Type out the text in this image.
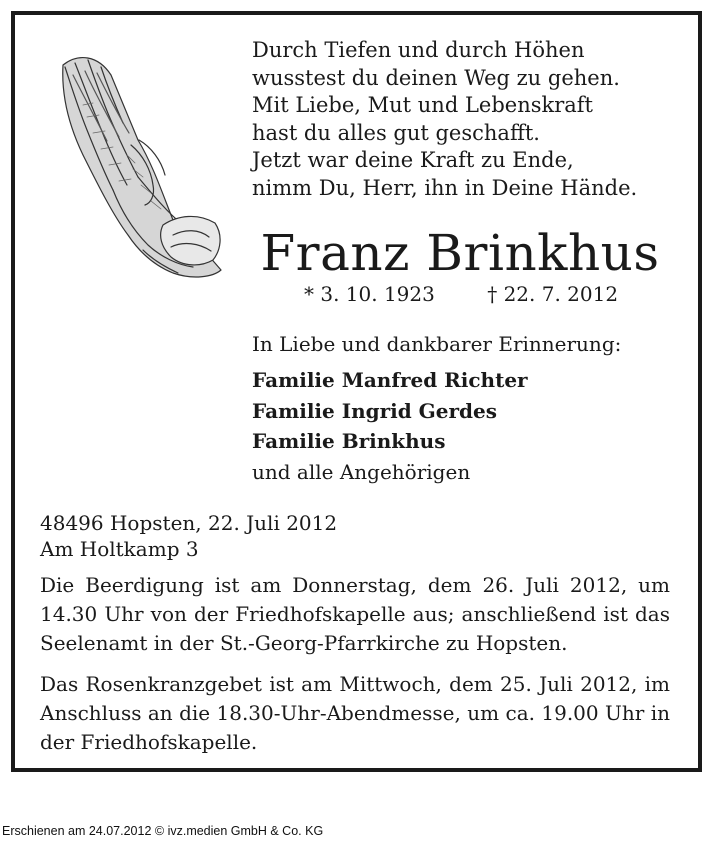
Durch Tiefen und durch Höhen
wusstest du deinen Weg zu gehen.
Mit Liebe, Mut und Lebenskraft
hast du alles gut geschafft.
Jetzt war deine Kraft zu Ende,
nimm Du, Herr, ihn in Deine Hände.
Franz Brinkhus
* 3. 10. 1923	† 22. 7. 2012
In Liebe und dankbarer Erinnerung:
Familie Manfred Richter
Familie Ingrid Gerdes
Familie Brinkhus
und alle Angehörigen
48496 Hopsten, 22. Juli 2012
Am Holtkamp 3
Die Beerdigung ist am Donnerstag, dem 26. Juli 2012, um 14.30 Uhr von der Friedhofskapelle aus; anschließend ist das Seelenamt in der St.-Georg-Pfarrkirche zu Hopsten.
Das Rosenkranzgebet ist am Mittwoch, dem 25. Juli 2012, im Anschluss an die 18.30-Uhr-Abendmesse, um ca. 19.00 Uhr in der Friedhofskapelle.
Erschienen am 24.07.2012 © ivz.medien GmbH & Co. KG
